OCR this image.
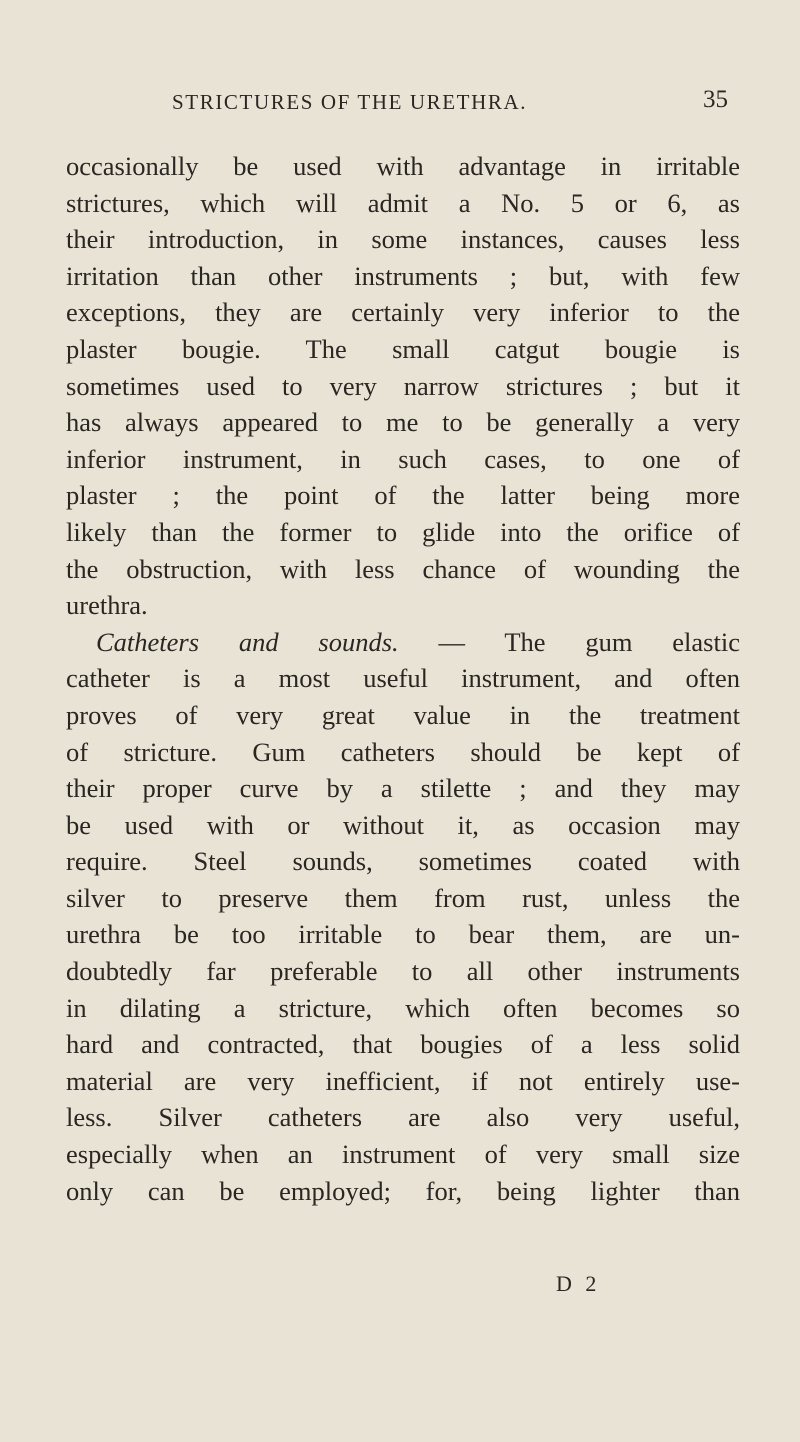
STRICTURES OF THE URETHRA.	35
occasionally be used with advantage in irritable
strictures, which will admit a No. 5 or 6, as
their introduction, in some instances, causes less
irritation than other instruments ; but, with few
exceptions, they are certainly very inferior to the
plaster bougie. The small catgut bougie is
sometimes used to very narrow strictures ; but it
has always appeared to me to be generally a very
inferior instrument, in such cases, to one of
plaster ; the point of the latter being more
likely than the former to glide into the orifice of
the obstruction, with less chance of wounding the
urethra.
Catheters and sounds. — The gum elastic
catheter is a most useful instrument, and often
proves of very great value in the treatment
of stricture. Gum catheters should be kept of
their proper curve by a stilette ; and they may
be used with or without it, as occasion may
require. Steel sounds, sometimes coated with
silver to preserve them from rust, unless the
urethra be too irritable to bear them, are un-
doubtedly far preferable to all other instruments
in dilating a stricture, which often becomes so
hard and contracted, that bougies of a less solid
material are very inefficient, if not entirely use-
less. Silver catheters are also very useful,
especially when an instrument of very small size
only can be employed; for, being lighter than
D 2
